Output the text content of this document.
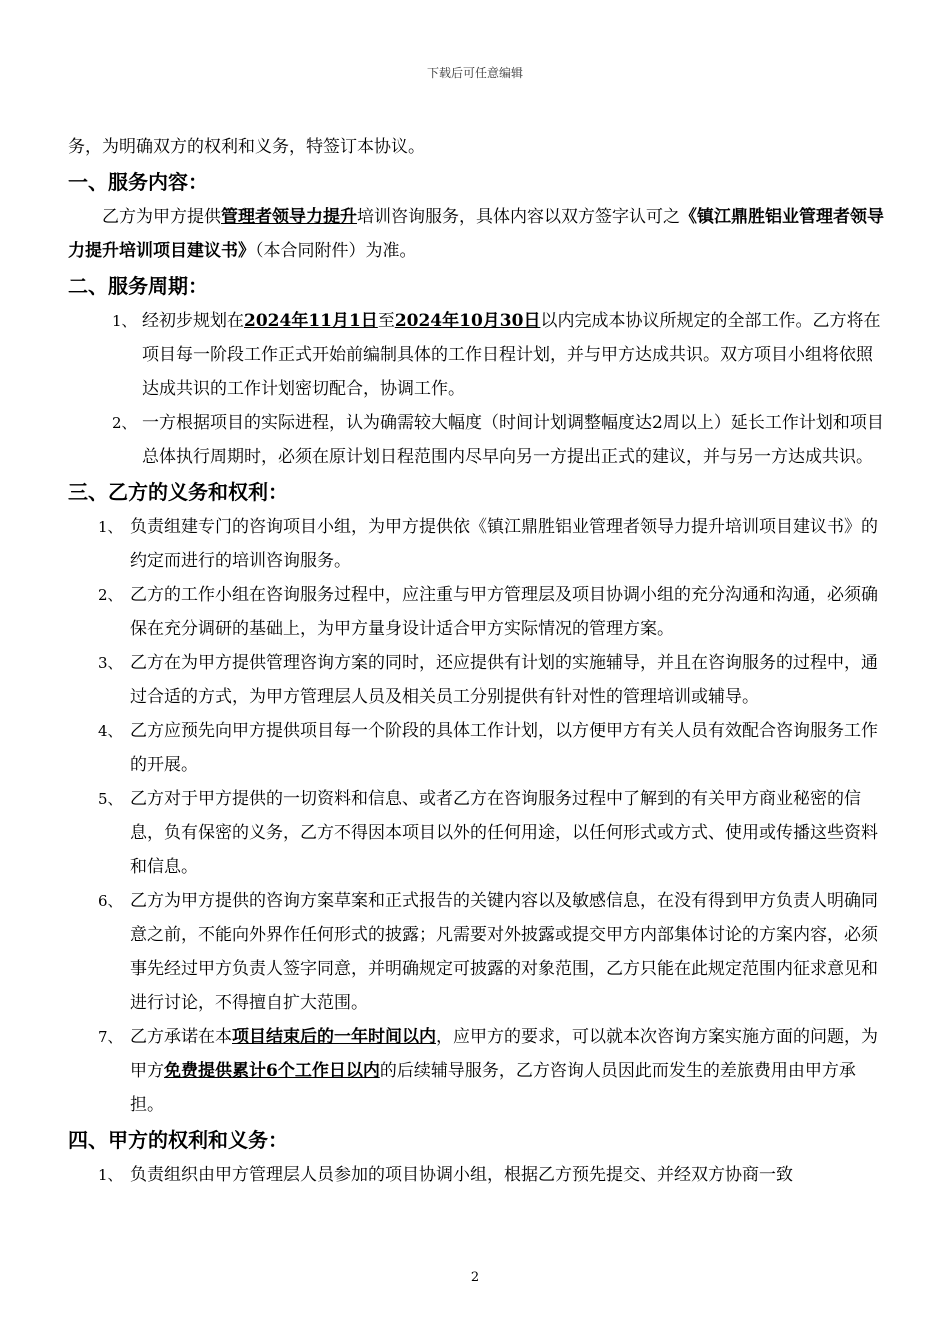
下载后可任意编辑

务，为明确双方的权利和义务，特签订本协议。

一、服务内容：

乙方为甲方提供管理者领导力提升培训咨询服务，具体内容以双方签字认可之《镇江鼎胜铝业管理者领导力提升培训项目建议书》（本合同附件）为准。

二、服务周期：

1、 经初步规划在2024年11月1日至2024年10月30日以内完成本协议所规定的全部工作。乙方将在项目每一阶段工作正式开始前编制具体的工作日程计划，并与甲方达成共识。双方项目小组将依照达成共识的工作计划密切配合，协调工作。

2、 一方根据项目的实际进程，认为确需较大幅度（时间计划调整幅度达2周以上）延长工作计划和项目总体执行周期时，必须在原计划日程范围内尽早向另一方提出正式的建议，并与另一方达成共识。

三、乙方的义务和权利：

1、 负责组建专门的咨询项目小组，为甲方提供依《镇江鼎胜铝业管理者领导力提升培训项目建议书》的约定而进行的培训咨询服务。

2、 乙方的工作小组在咨询服务过程中，应注重与甲方管理层及项目协调小组的充分沟通和沟通，必须确保在充分调研的基础上，为甲方量身设计适合甲方实际情况的管理方案。

3、 乙方在为甲方提供管理咨询方案的同时，还应提供有计划的实施辅导，并且在咨询服务的过程中，通过合适的方式，为甲方管理层人员及相关员工分别提供有针对性的管理培训或辅导。

4、 乙方应预先向甲方提供项目每一个阶段的具体工作计划，以方便甲方有关人员有效配合咨询服务工作的开展。

5、 乙方对于甲方提供的一切资料和信息、或者乙方在咨询服务过程中了解到的有关甲方商业秘密的信息，负有保密的义务，乙方不得因本项目以外的任何用途，以任何形式或方式、使用或传播这些资料和信息。

6、 乙方为甲方提供的咨询方案草案和正式报告的关键内容以及敏感信息，在没有得到甲方负责人明确同意之前，不能向外界作任何形式的披露；凡需要对外披露或提交甲方内部集体讨论的方案内容，必须事先经过甲方负责人签字同意，并明确规定可披露的对象范围，乙方只能在此规定范围内征求意见和进行讨论，不得擅自扩大范围。

7、 乙方承诺在本项目结束后的一年时间以内，应甲方的要求，可以就本次咨询方案实施方面的问题，为甲方免费提供累计6个工作日以内的后续辅导服务，乙方咨询人员因此而发生的差旅费用由甲方承担。

四、甲方的权利和义务：

1、 负责组织由甲方管理层人员参加的项目协调小组，根据乙方预先提交、并经双方协商一致

2
